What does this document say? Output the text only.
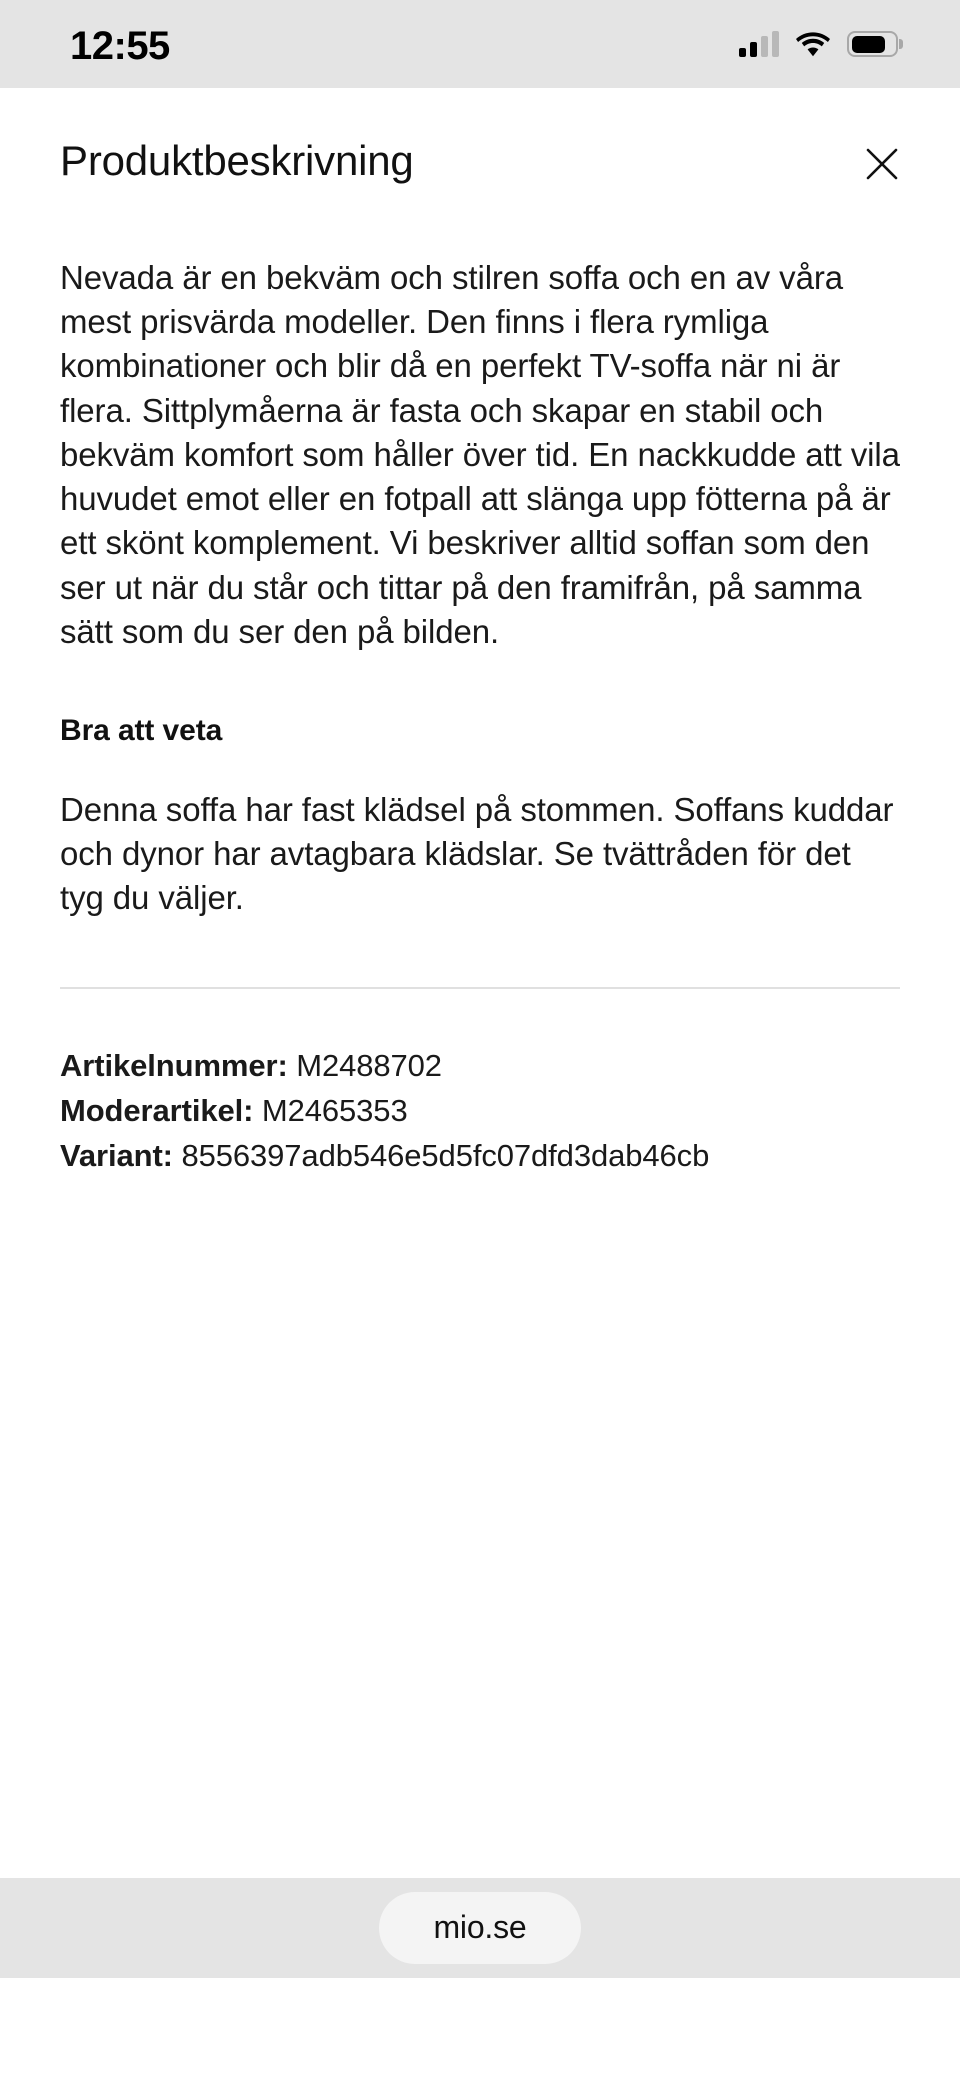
12:55
Produktbeskrivning

Nevada är en bekväm och stilren soffa och en av våra mest prisvärda modeller. Den finns i flera rymliga kombinationer och blir då en perfekt TV-soffa när ni är flera. Sittplymåerna är fasta och skapar en stabil och bekväm komfort som håller över tid. En nackkudde att vila huvudet emot eller en fotpall att slänga upp fötterna på är ett skönt komplement. Vi beskriver alltid soffan som den ser ut när du står och tittar på den framifrån, på samma sätt som du ser den på bilden.

Bra att veta

Denna soffa har fast klädsel på stommen. Soffans kuddar och dynor har avtagbara klädslar. Se tvättråden för det tyg du väljer.

Artikelnummer: M2488702
Moderartikel: M2465353
Variant: 8556397adb546e5d5fc07dfd3dab46cb
mio.se
